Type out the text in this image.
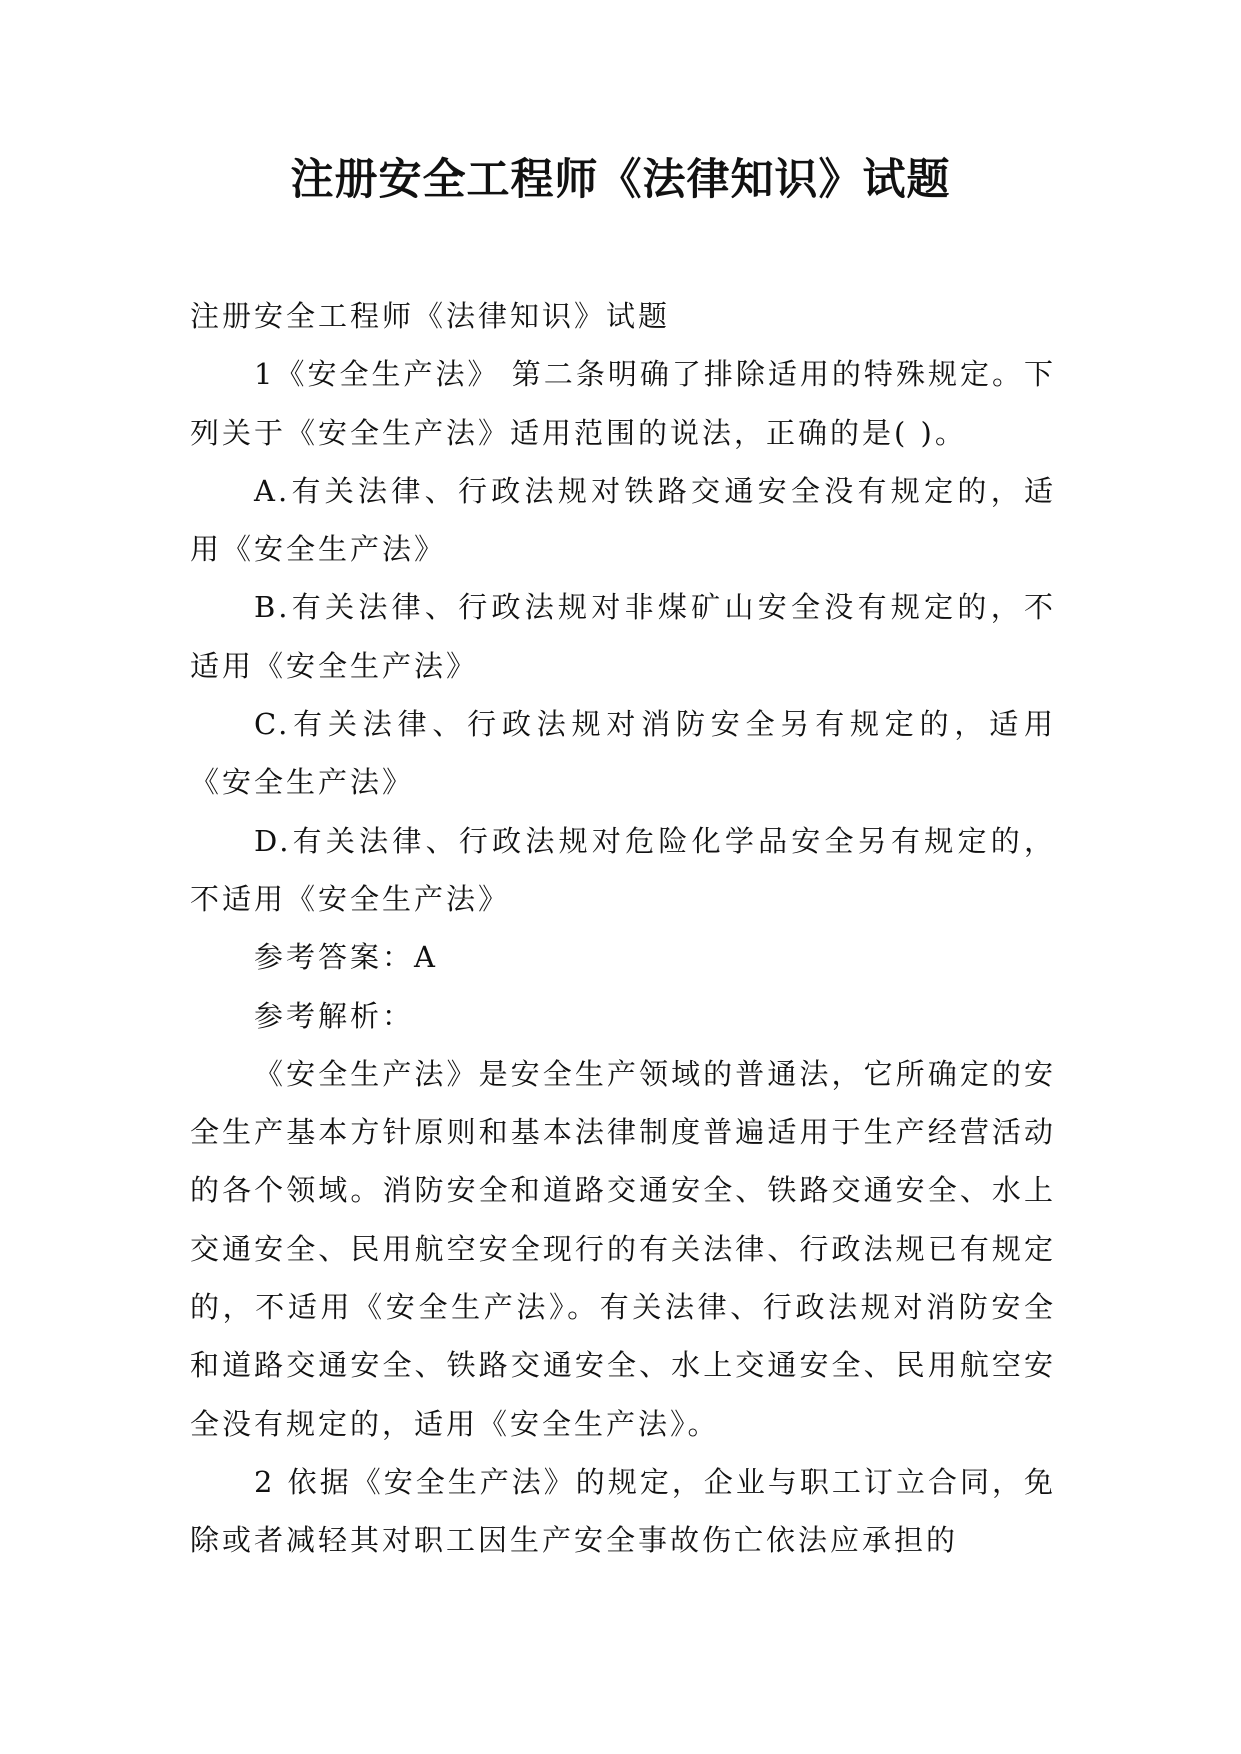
注册安全工程师《法律知识》试题

注册安全工程师《法律知识》试题

1《安全生产法》 第二条明确了排除适用的特殊规定。下列关于《安全生产法》适用范围的说法，正确的是( )。

A.有关法律、行政法规对铁路交通安全没有规定的，适用《安全生产法》

B.有关法律、行政法规对非煤矿山安全没有规定的，不适用《安全生产法》

C.有关法律、行政法规对消防安全另有规定的，适用《安全生产法》

D.有关法律、行政法规对危险化学品安全另有规定的，不适用《安全生产法》

参考答案：A

参考解析：

《安全生产法》是安全生产领域的普通法，它所确定的安全生产基本方针原则和基本法律制度普遍适用于生产经营活动的各个领域。消防安全和道路交通安全、铁路交通安全、水上交通安全、民用航空安全现行的有关法律、行政法规已有规定的，不适用《安全生产法》。有关法律、行政法规对消防安全和道路交通安全、铁路交通安全、水上交通安全、民用航空安全没有规定的，适用《安全生产法》。

2 依据《安全生产法》的规定，企业与职工订立合同，免除或者减轻其对职工因生产安全事故伤亡依法应承担的
